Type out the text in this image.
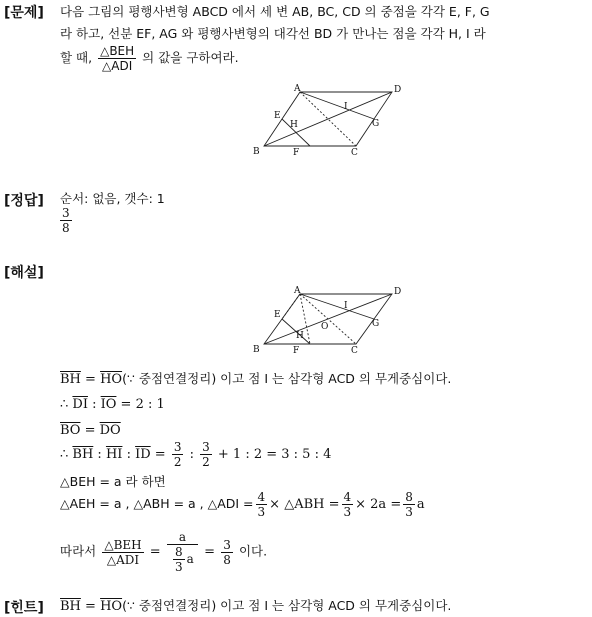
[문제] 다음 그림의 평행사변형 ABCD 에서 세 변 AB, BC, CD 의 중점을 각각 E, F, G
라 하고, 선분 EF, AG 와 평행사변형의 대각선 BD 가 만나는 점을 각각 H, I 라
할 때, $\frac{\text{△BEH}}{\text{△ADI}}$ 의 값을 구하여라.
A	D
B	C
E
F
G
H
I
[정답] 순서: 없음, 갯수: 1
$\frac{3}{8}$
[해설]
A	D
B	C
E
F
G
H
I
O
$\overline{BH}$ = $\overline{HO}(\because$ 중점연결정리) 이고 점 I 는 삼각형 ACD 의 무게중심이다.
∴ $\overline{DI}$ : $\overline{IO} = 2$ : 1
$\overline{BO} = \overline{DO}$
∴ $\overline{BH}$ : $\overline{HI}$ : $\overline{ID} = \frac{3}{2}$ : $\frac{3}{2} + 1$ : 2 = 3 : 5 : 4
△BEH = a 라 하면
△AEH = a , △ABH = a , △ADI = $\frac{4}{3}$ × △ABH = $\frac{4}{3} \times 2a = \frac{8}{3}$ a
따라서 $\frac{\text{△BEH}}{\text{△ADI}} = \frac{a}{\frac{8}{3} a} = \frac{3}{8}$ 이다.
[힌트] $\overline{BH}$ = $\overline{HO}(\because$ 중점연결정리) 이고 점 I 는 삼각형 ACD 의 무게중심이다.
